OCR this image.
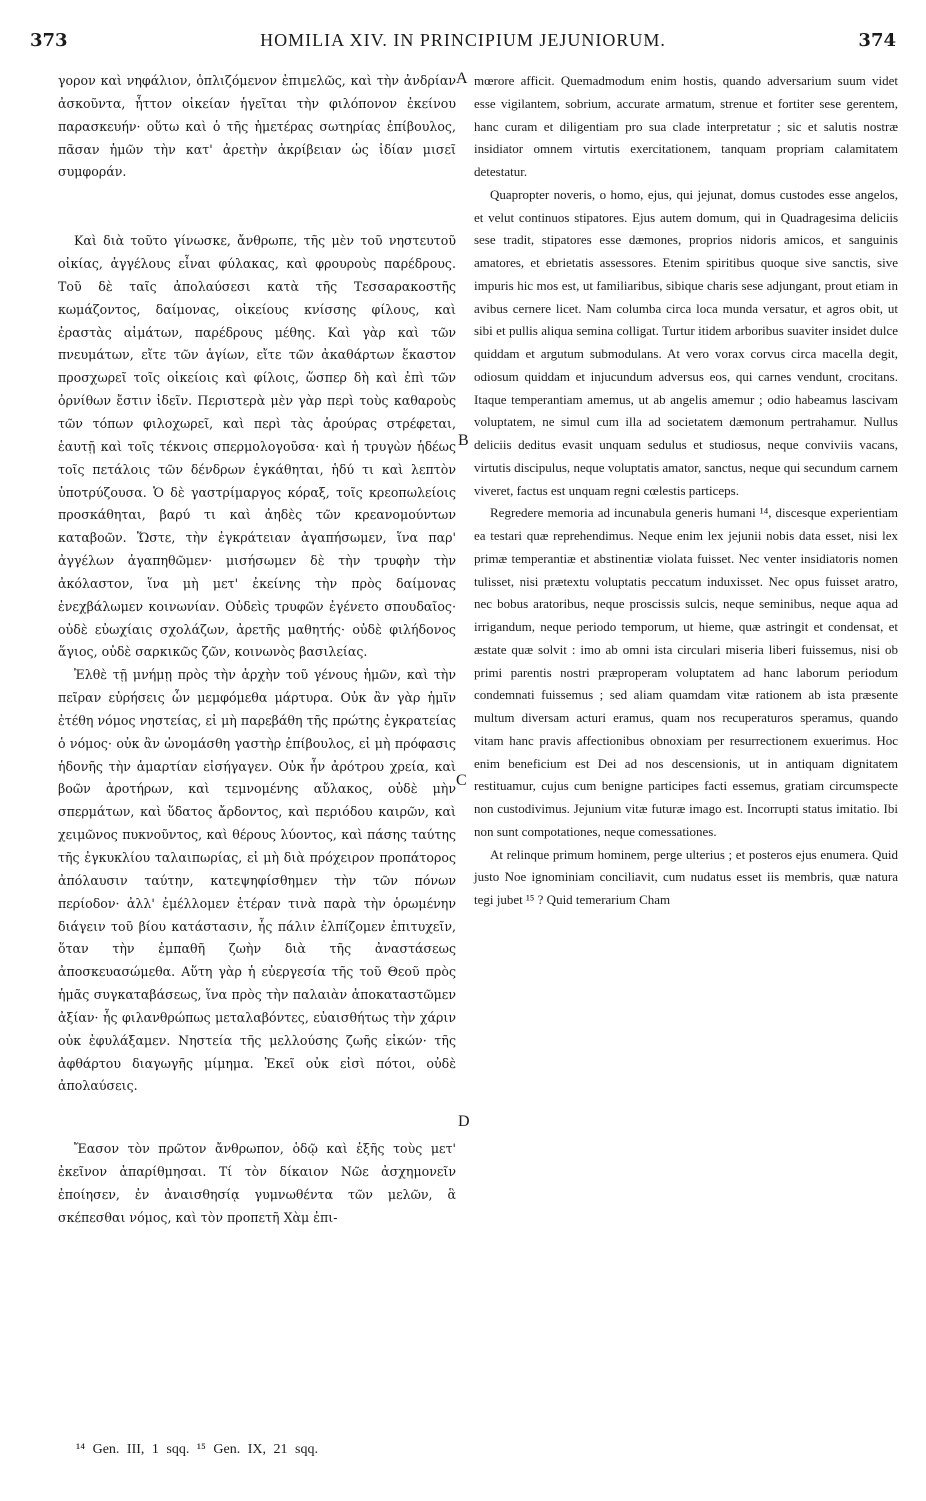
373	HOMILIA XIV. IN PRINCIPIUM JEJUNIORUM.	374

γορον καὶ νηφάλιον, ὁπλιζόμενον ἐπιμελῶς, καὶ τὴν ἀνδρίαν ἀσκοῦντα, ἧττον οἰκείαν ἡγεῖται τὴν φιλόπονον ἐκείνου παρασκευήν· οὕτω καὶ ὁ τῆς ἡμετέρας σωτηρίας ἐπίβουλος, πᾶσαν ἡμῶν τὴν κατ' ἀρετὴν ἀκρίβειαν ὡς ἰδίαν μισεῖ συμφοράν.

Καὶ διὰ τοῦτο γίνωσκε, ἄνθρωπε, τῆς μὲν τοῦ νηστευτοῦ οἰκίας, ἀγγέλους εἶναι φύλακας, καὶ φρουροὺς παρέδρους. Τοῦ δὲ ταῖς ἀπολαύσεσι κατὰ τῆς Τεσσαρακοστῆς κωμάζοντος, δαίμονας, οἰκείους κνίσσης φίλους, καὶ ἐραστὰς αἱμάτων, παρέδρους μέθης. Καὶ γὰρ καὶ τῶν πνευμάτων, εἴτε τῶν ἁγίων, εἴτε τῶν ἀκαθάρτων ἕκαστον προσχωρεῖ τοῖς οἰκείοις καὶ φίλοις, ὥσπερ δὴ καὶ ἐπὶ τῶν ὀρνίθων ἔστιν ἰδεῖν. Περιστερὰ μὲν γὰρ περὶ τοὺς καθαροὺς τῶν τόπων φιλοχωρεῖ, καὶ περὶ τὰς ἀρούρας στρέφεται, ἑαυτῇ καὶ τοῖς τέκνοις σπερμολογοῦσα· καὶ ἡ τρυγὼν ἡδέως τοῖς πετάλοις τῶν δένδρων ἐγκάθηται, ἡδύ τι καὶ λεπτὸν ὑποτρύζουσα. Ὁ δὲ γαστρίμαργος κόραξ, τοῖς κρεοπωλείοις προσκάθηται, βαρύ τι καὶ ἀηδὲς τῶν κρεανομούντων καταβοῶν. Ὥστε, τὴν ἐγκράτειαν ἀγαπήσωμεν, ἵνα παρ' ἀγγέλων ἀγαπηθῶμεν· μισήσωμεν δὲ τὴν τρυφὴν τὴν ἀκόλαστον, ἵνα μὴ μετ' ἐκείνης τὴν πρὸς δαίμονας ἐνεχβάλωμεν κοινωνίαν. Οὐδεὶς τρυφῶν ἐγένετο σπουδαῖος· οὐδὲ εὐωχίαις σχολάζων, ἀρετῆς μαθητής· οὐδὲ φιλήδονος ἅγιος, οὐδὲ σαρκικῶς ζῶν, κοινωνὸς βασιλείας.

Ἐλθὲ τῇ μνήμῃ πρὸς τὴν ἀρχὴν τοῦ γένους ἡμῶν, καὶ τὴν πεῖραν εὑρήσεις ὧν μεμφόμεθα μάρτυρα. Οὐκ ἂν γὰρ ἡμῖν ἐτέθη νόμος νηστείας, εἰ μὴ παρεβάθη τῆς πρώτης ἐγκρατείας ὁ νόμος· οὐκ ἂν ὠνομάσθη γαστὴρ ἐπίβουλος, εἰ μὴ πρόφασις ἡδονῆς τὴν ἁμαρτίαν εἰσήγαγεν. Οὐκ ἦν ἀρότρου χρεία, καὶ βοῶν ἀροτήρων, καὶ τεμνομένης αὔλακος, οὐδὲ μὴν σπερμάτων, καὶ ὕδατος ἄρδοντος, καὶ περιόδου καιρῶν, καὶ χειμῶνος πυκνοῦντος, καὶ θέρους λύοντος, καὶ πάσης ταύτης τῆς ἐγκυκλίου ταλαιπωρίας, εἰ μὴ διὰ πρόχειρον προπάτορος ἀπόλαυσιν ταύτην, κατεψηφίσθημεν τὴν τῶν πόνων περίοδον· ἀλλ' ἐμέλλομεν ἑτέραν τινὰ παρὰ τὴν ὁρωμένην διάγειν τοῦ βίου κατάστασιν, ἧς πάλιν ἐλπίζομεν ἐπιτυχεῖν, ὅταν τὴν ἐμπαθῆ ζωὴν διὰ τῆς ἀναστάσεως ἀποσκευασώμεθα. Αὕτη γὰρ ἡ εὐεργεσία τῆς τοῦ Θεοῦ πρὸς ἡμᾶς συγκαταβάσεως, ἵνα πρὸς τὴν παλαιὰν ἀποκαταστῶμεν ἀξίαν· ἧς φιλανθρώπως μεταλαβόντες, εὐαισθήτως τὴν χάριν οὐκ ἐφυλάξαμεν. Νηστεία τῆς μελλούσης ζωῆς εἰκών· τῆς ἀφθάρτου διαγωγῆς μίμημα. Ἐκεῖ οὐκ εἰσὶ πότοι, οὐδὲ ἀπολαύσεις.

Ἔασον τὸν πρῶτον ἄνθρωπον, ὁδῷ καὶ ἑξῆς τοὺς μετ' ἐκεῖνον ἀπαρίθμησαι. Τί τὸν δίκαιον Νῶε ἀσχημονεῖν ἐποίησεν, ἐν ἀναισθησίᾳ γυμνωθέντα τῶν μελῶν, ἃ σκέπεσθαι νόμος, καὶ τὸν προπετῆ Χὰμ ἐπι-

A
B
C
D

mœrore afficit. Quemadmodum enim hostis, quando adversarium suum videt esse vigilantem, sobrium, accurate armatum, strenue et fortiter sese gerentem, hanc curam et diligentiam pro sua clade interpretatur ; sic et salutis nostræ insidiator omnem virtutis exercitationem, tanquam propriam calamitatem detestatur.

Quapropter noveris, o homo, ejus, qui jejunat, domus custodes esse angelos, et velut continuos stipatores. Ejus autem domum, qui in Quadragesima deliciis sese tradit, stipatores esse dæmones, proprios nidoris amicos, et sanguinis amatores, et ebrietatis assessores. Etenim spiritibus quoque sive sanctis, sive impuris hic mos est, ut familiaribus, sibique charis sese adjungant, prout etiam in avibus cernere licet. Nam columba circa loca munda versatur, et agros obit, ut sibi et pullis aliqua semina colligat. Turtur itidem arboribus suaviter insidet dulce quiddam et argutum submodulans. At vero vorax corvus circa macella degit, odiosum quiddam et injucundum adversus eos, qui carnes vendunt, crocitans. Itaque temperantiam amemus, ut ab angelis amemur ; odio habeamus lascivam voluptatem, ne simul cum illa ad societatem dæmonum pertrahamur. Nullus deliciis deditus evasit unquam sedulus et studiosus, neque conviviis vacans, virtutis discipulus, neque voluptatis amator, sanctus, neque qui secundum carnem viveret, factus est unquam regni cœlestis particeps.

Regredere memoria ad incunabula generis humani ¹⁴, discesque experientiam ea testari quæ reprehendimus. Neque enim lex jejunii nobis data esset, nisi lex primæ temperantiæ et abstinentiæ violata fuisset. Nec venter insidiatoris nomen tulisset, nisi prætextu voluptatis peccatum induxisset. Nec opus fuisset aratro, nec bobus aratoribus, neque proscissis sulcis, neque seminibus, neque aqua ad irrigandum, neque periodo temporum, ut hieme, quæ astringit et condensat, et æstate quæ solvit : imo ab omni ista circulari miseria liberi fuissemus, nisi ob primi parentis nostri præproperam voluptatem ad hanc laborum periodum condemnati fuissemus ; sed aliam quamdam vitæ rationem ab ista præsente multum diversam acturi eramus, quam nos recuperaturos speramus, quando vitam hanc pravis affectionibus obnoxiam per resurrectionem exuerimus. Hoc enim beneficium est Dei ad nos descensionis, ut in antiquam dignitatem restituamur, cujus cum benigne participes facti essemus, gratiam circumspecte non custodivimus. Jejunium vitæ futuræ imago est. Incorrupti status imitatio. Ibi non sunt compotationes, neque comessationes.

At relinque primum hominem, perge ulterius ; et posteros ejus enumera. Quid justo Noe ignominiam conciliavit, cum nudatus esset iis membris, quæ natura tegi jubet ¹⁵ ? Quid temerarium Cham

¹⁴ Gen. III, 1 sqq. ¹⁵ Gen. IX, 21 sqq.
